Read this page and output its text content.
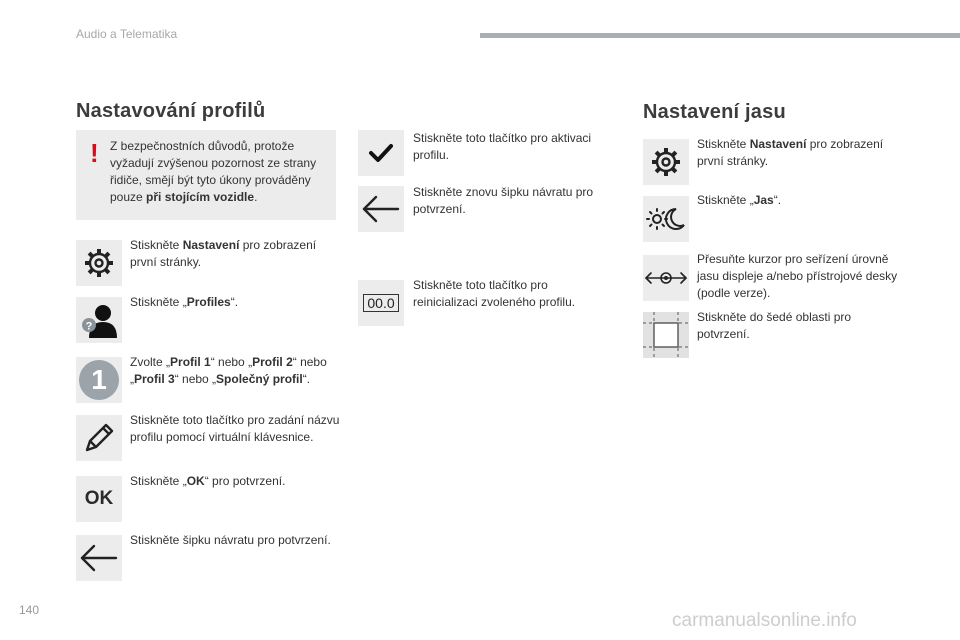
Audio a Telematika
140	carmanualsonline.info
Nastavování profilů
! Z bezpečnostních důvodů, protože vyžadují zvýšenou pozornost ze strany řidiče, smějí být tyto úkony prováděny pouze při stojícím vozidle.
Stiskněte Nastavení pro zobrazení první stránky.
?
Stiskněte „Profiles“.
1
Zvolte „Profil 1“ nebo „Profil 2“ nebo „Profil 3“ nebo „Společný profil“.
Stiskněte toto tlačítko pro zadání názvu profilu pomocí virtuální klávesnice.
OK
Stiskněte „OK“ pro potvrzení.
Stiskněte šipku návratu pro potvrzení.
Stiskněte toto tlačítko pro aktivaci profilu.
Stiskněte znovu šipku návratu pro potvrzení.
00.0
Stiskněte toto tlačítko pro reinicializaci zvoleného profilu.
Nastavení jasu
Stiskněte Nastavení pro zobrazení první stránky.
Stiskněte „Jas“.
Přesuňte kurzor pro seřízení úrovně jasu displeje a/nebo přístrojové desky (podle verze).
Stiskněte do šedé oblasti pro potvrzení.
